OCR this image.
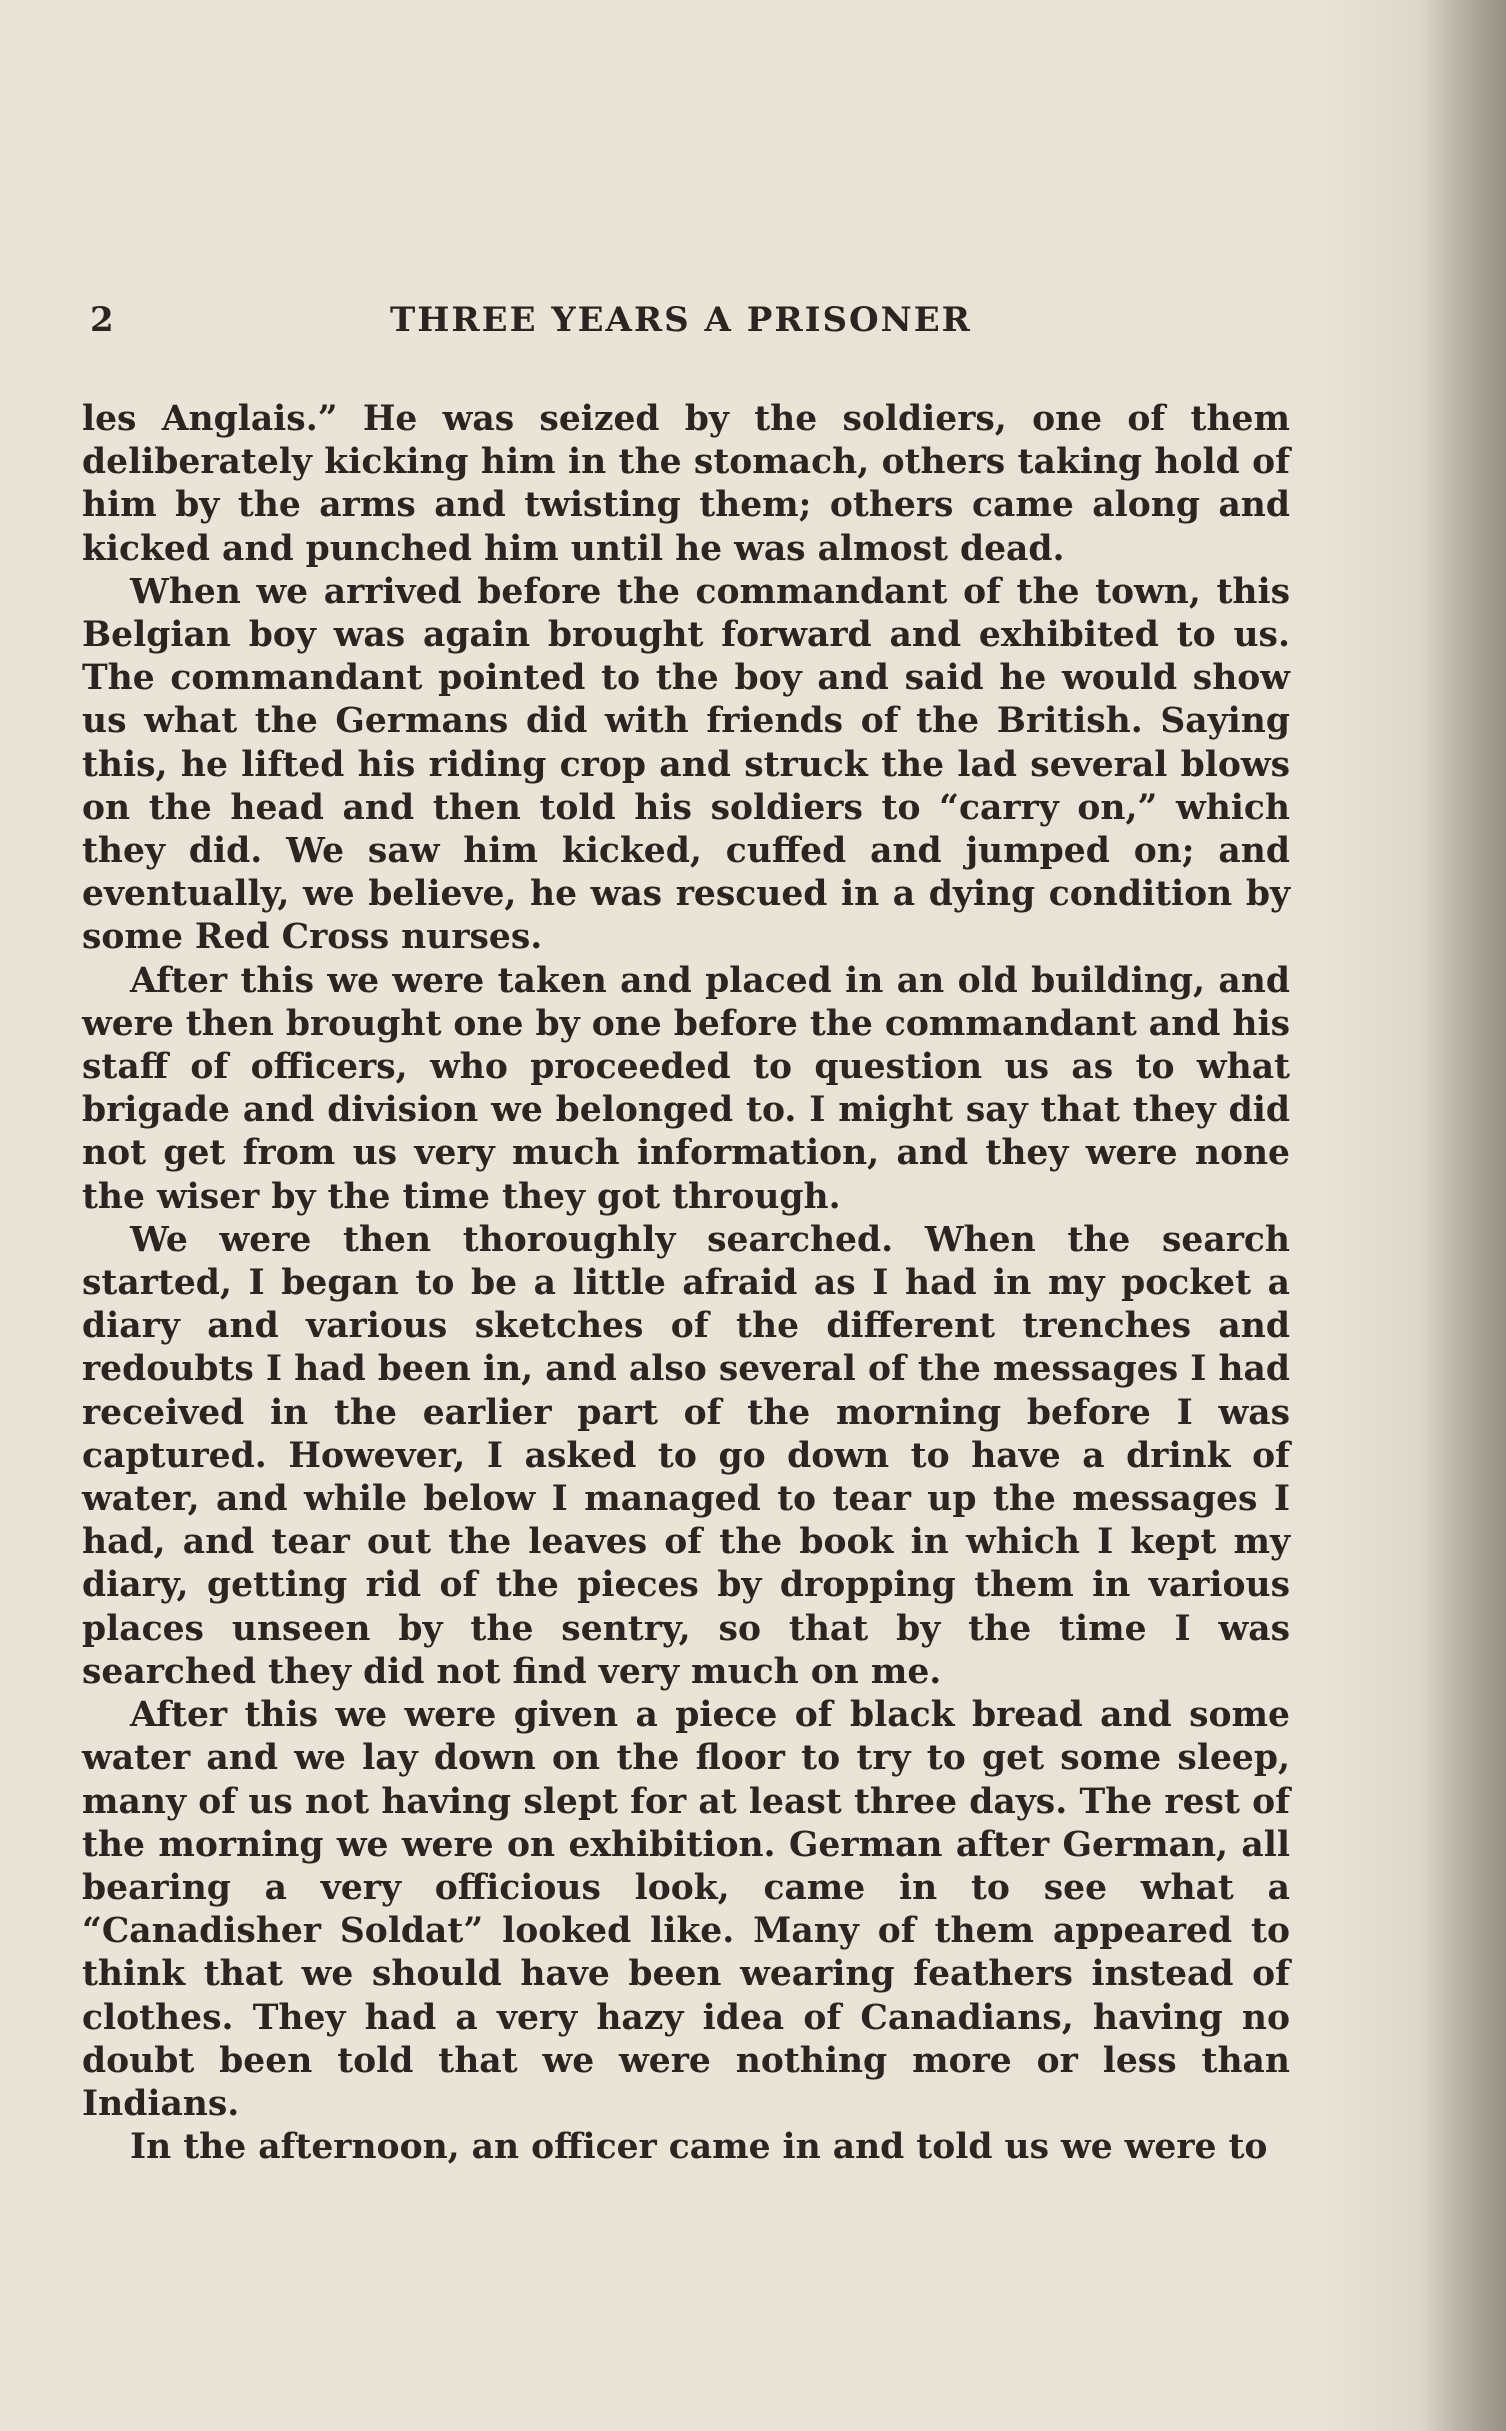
2	THREE YEARS A PRISONER

les Anglais.” He was seized by the soldiers, one of them deliberately kicking him in the stomach, others taking hold of him by the arms and twisting them; others came along and kicked and punched him until he was almost dead.

When we arrived before the commandant of the town, this Belgian boy was again brought forward and exhibited to us. The commandant pointed to the boy and said he would show us what the Germans did with friends of the British. Saying this, he lifted his riding crop and struck the lad several blows on the head and then told his soldiers to “carry on,” which they did. We saw him kicked, cuffed and jumped on; and eventually, we believe, he was rescued in a dying condition by some Red Cross nurses.

After this we were taken and placed in an old building, and were then brought one by one before the commandant and his staff of officers, who proceeded to question us as to what brigade and division we belonged to. I might say that they did not get from us very much information, and they were none the wiser by the time they got through.

We were then thoroughly searched. When the search started, I began to be a little afraid as I had in my pocket a diary and various sketches of the different trenches and redoubts I had been in, and also several of the messages I had received in the earlier part of the morning before I was captured. However, I asked to go down to have a drink of water, and while below I managed to tear up the messages I had, and tear out the leaves of the book in which I kept my diary, getting rid of the pieces by dropping them in various places unseen by the sentry, so that by the time I was searched they did not find very much on me.

After this we were given a piece of black bread and some water and we lay down on the floor to try to get some sleep, many of us not having slept for at least three days. The rest of the morning we were on exhibition. German after German, all bearing a very officious look, came in to see what a “Canadisher Soldat” looked like. Many of them appeared to think that we should have been wearing feathers instead of clothes. They had a very hazy idea of Canadians, having no doubt been told that we were nothing more or less than Indians.

In the afternoon, an officer came in and told us we were to
